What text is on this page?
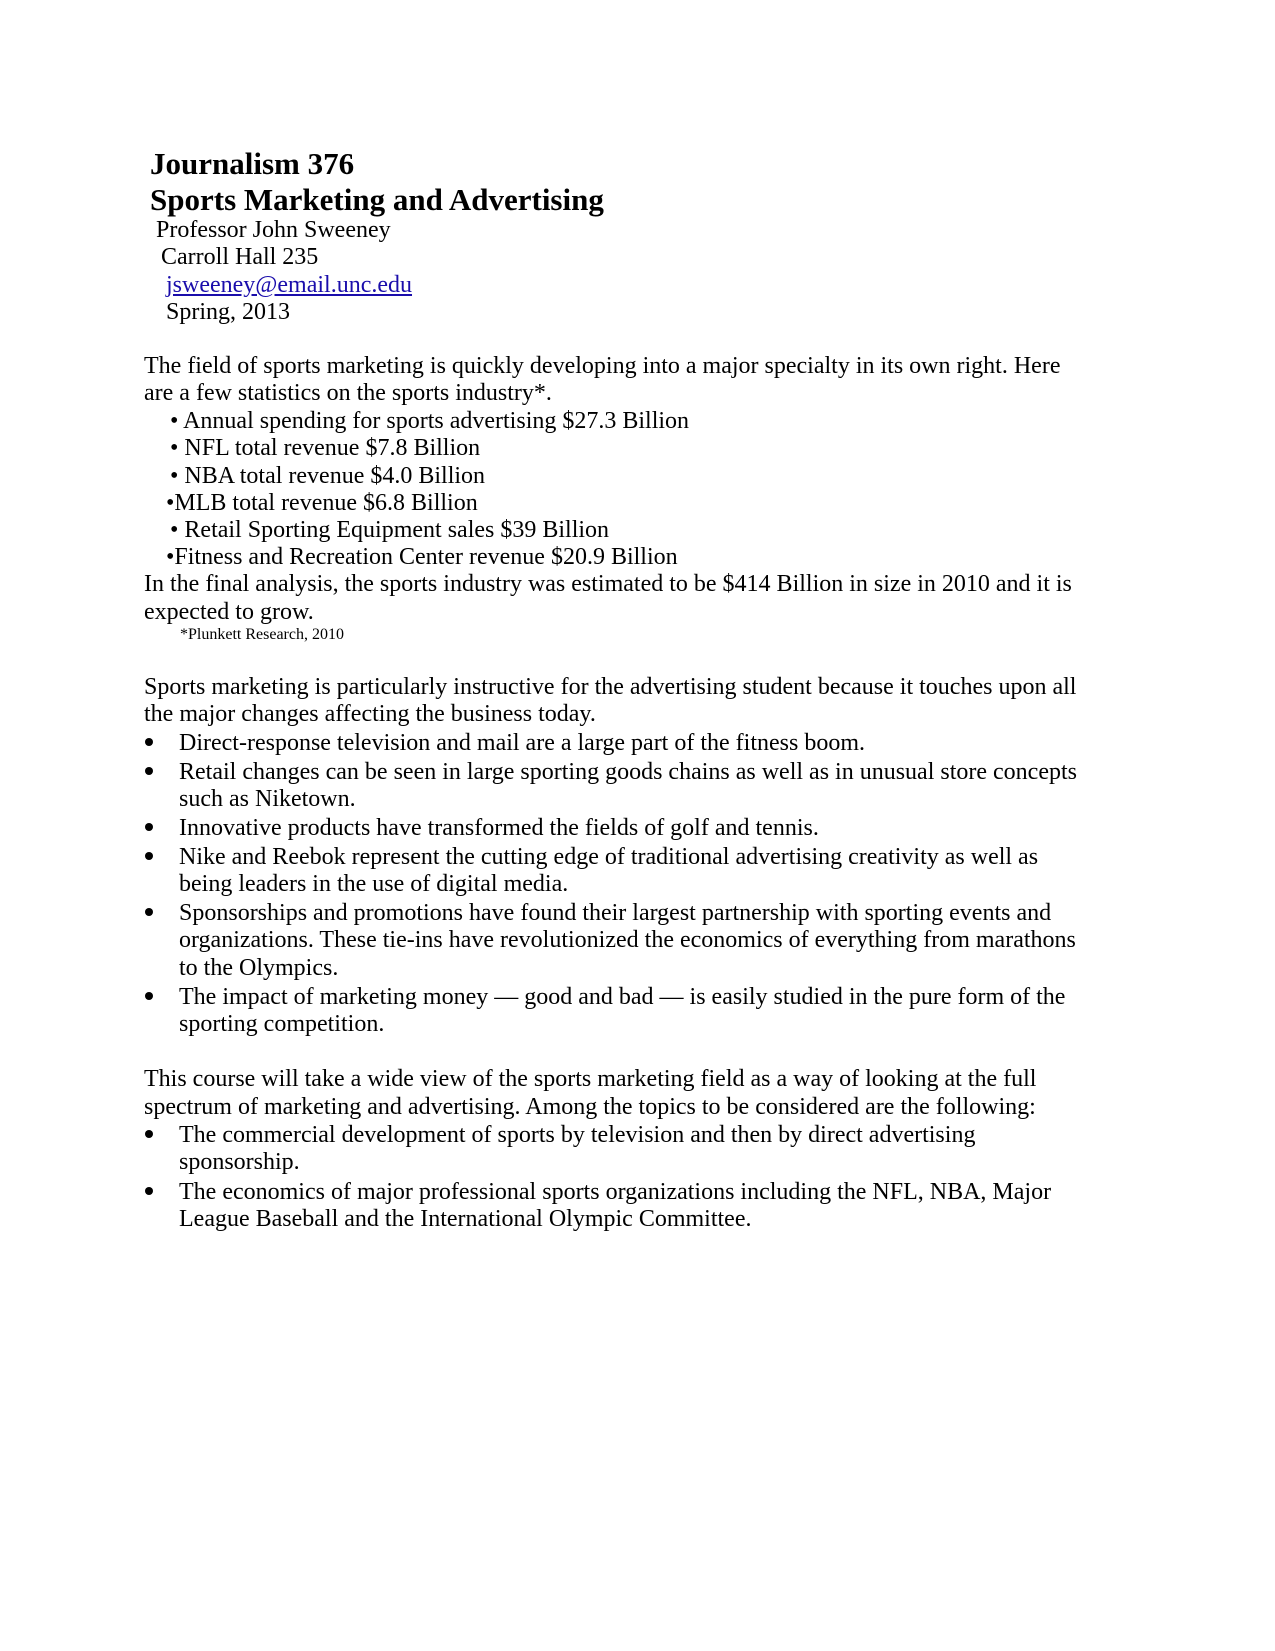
Journalism 376
Sports Marketing and Advertising

Professor John Sweeney

Carroll Hall 235

jsweeney@email.unc.edu

Spring, 2013

The field of sports marketing is quickly developing into a major specialty in its own right. Here

are a few statistics on the sports industry*.

• Annual spending for sports advertising $27.3 Billion

• NFL total revenue $7.8 Billion

• NBA total revenue $4.0 Billion

•MLB total revenue $6.8 Billion

• Retail Sporting Equipment sales $39 Billion

•Fitness and Recreation Center revenue $20.9 Billion

In the final analysis, the sports industry was estimated to be $414 Billion in size in 2010 and it is

expected to grow.

*Plunkett Research, 2010

Sports marketing is particularly instructive for the advertising student because it touches upon all

the major changes affecting the business today.

Direct-response television and mail are a large part of the fitness boom.

Retail changes can be seen in large sporting goods chains as well as in unusual store concepts

such as Niketown.

Innovative products have transformed the fields of golf and tennis.

Nike and Reebok represent the cutting edge of traditional advertising creativity as well as

being leaders in the use of digital media.

Sponsorships and promotions have found their largest partnership with sporting events and

organizations. These tie-ins have revolutionized the economics of everything from marathons

to the Olympics.

The impact of marketing money — good and bad — is easily studied in the pure form of the

sporting competition.

This course will take a wide view of the sports marketing field as a way of looking at the full

spectrum of marketing and advertising. Among the topics to be considered are the following:

The commercial development of sports by television and then by direct advertising

sponsorship.

The economics of major professional sports organizations including the NFL, NBA, Major

League Baseball and the International Olympic Committee.
